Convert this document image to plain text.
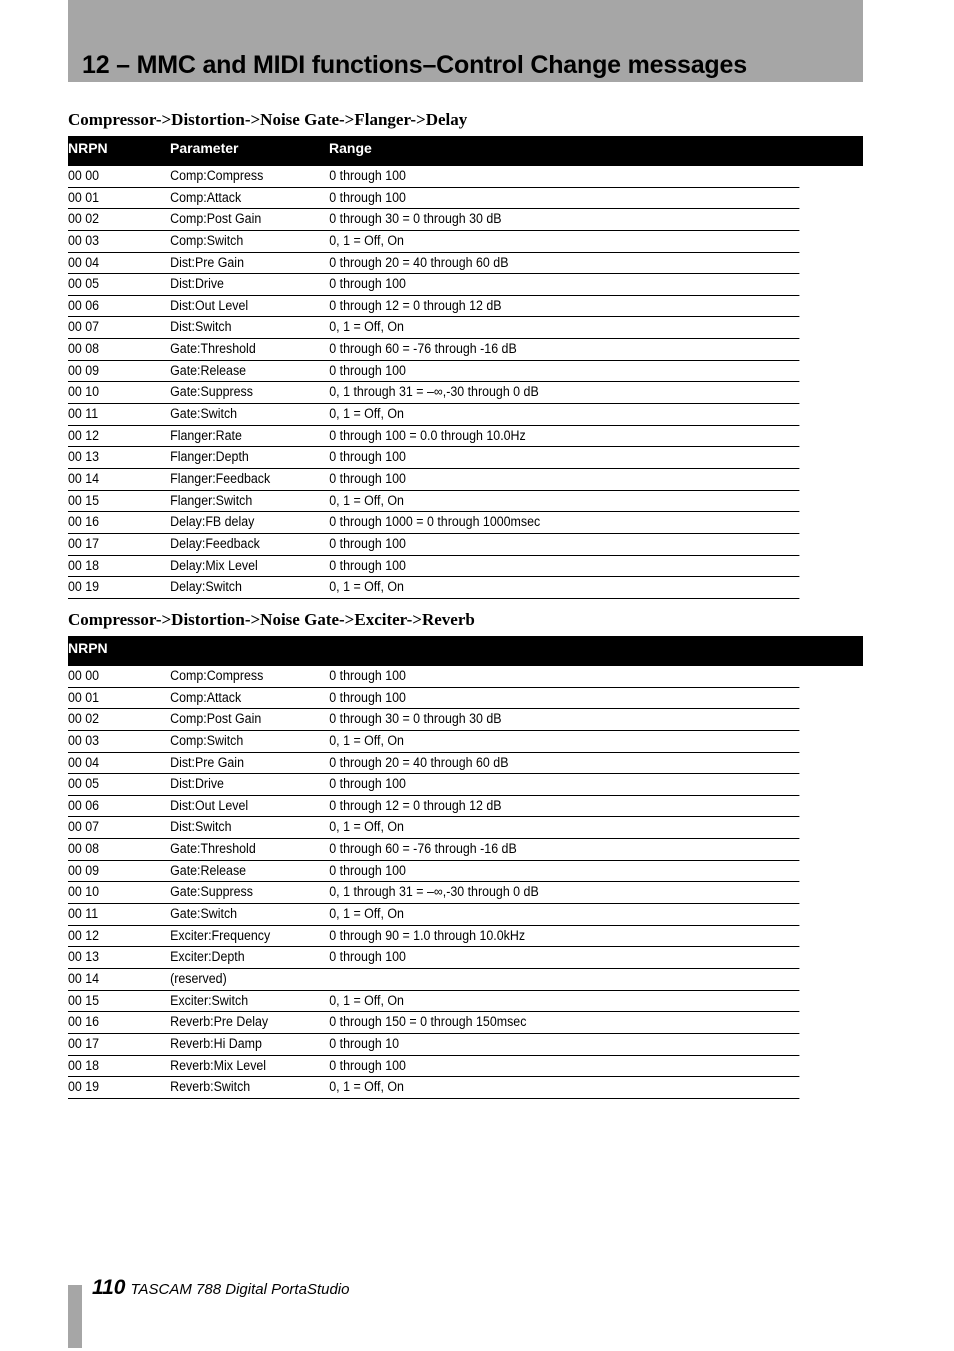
12 – MMC and MIDI functions–Control Change messages
Compressor->Distortion->Noise Gate->Flanger->Delay
NRPN	Parameter	Range
00 00	Comp:Compress	0 through 100
00 01	Comp:Attack	0 through 100
00 02	Comp:Post Gain	0 through 30 = 0 through 30 dB
00 03	Comp:Switch	0, 1 = Off, On
00 04	Dist:Pre Gain	0 through 20 = 40 through 60 dB
00 05	Dist:Drive	0 through 100
00 06	Dist:Out Level	0 through 12 = 0 through 12 dB
00 07	Dist:Switch	0, 1 = Off, On
00 08	Gate:Threshold	0 through 60 = -76 through -16 dB
00 09	Gate:Release	0 through 100
00 10	Gate:Suppress	0, 1 through 31 = –∞,-30 through 0 dB
00 11	Gate:Switch	0, 1 = Off, On
00 12	Flanger:Rate	0 through 100 = 0.0 through 10.0Hz
00 13	Flanger:Depth	0 through 100
00 14	Flanger:Feedback	0 through 100
00 15	Flanger:Switch	0, 1 = Off, On
00 16	Delay:FB delay	0 through 1000 = 0 through 1000msec
00 17	Delay:Feedback	0 through 100
00 18	Delay:Mix Level	0 through 100
00 19	Delay:Switch	0, 1 = Off, On
Compressor->Distortion->Noise Gate->Exciter->Reverb
NRPN
00 00	Comp:Compress	0 through 100
00 01	Comp:Attack	0 through 100
00 02	Comp:Post Gain	0 through 30 = 0 through 30 dB
00 03	Comp:Switch	0, 1 = Off, On
00 04	Dist:Pre Gain	0 through 20 = 40 through 60 dB
00 05	Dist:Drive	0 through 100
00 06	Dist:Out Level	0 through 12 = 0 through 12 dB
00 07	Dist:Switch	0, 1 = Off, On
00 08	Gate:Threshold	0 through 60 = -76 through -16 dB
00 09	Gate:Release	0 through 100
00 10	Gate:Suppress	0, 1 through 31 = –∞,-30 through 0 dB
00 11	Gate:Switch	0, 1 = Off, On
00 12	Exciter:Frequency	0 through 90 = 1.0 through 10.0kHz
00 13	Exciter:Depth	0 through 100
00 14	(reserved)
00 15	Exciter:Switch	0, 1 = Off, On
00 16	Reverb:Pre Delay	0 through 150 = 0 through 150msec
00 17	Reverb:Hi Damp	0 through 10
00 18	Reverb:Mix Level	0 through 100
00 19	Reverb:Switch	0, 1 = Off, On
110 TASCAM 788 Digital PortaStudio
